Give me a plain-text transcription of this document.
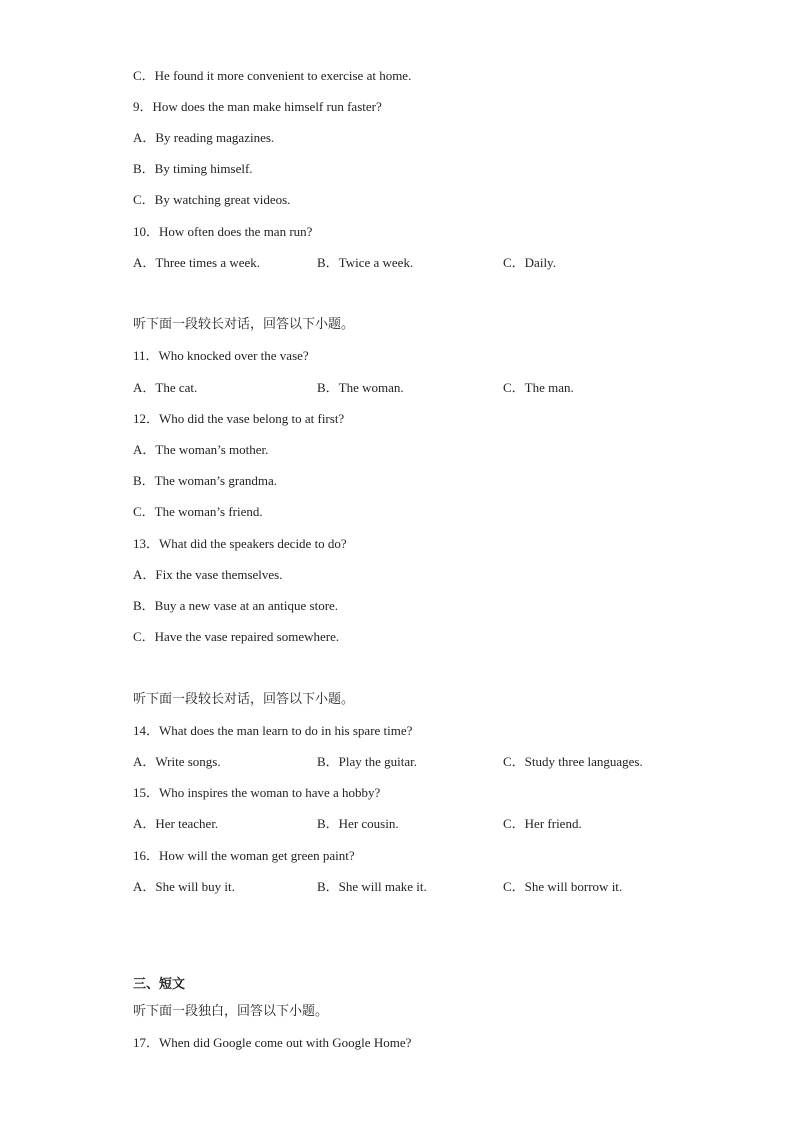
C．He found it more convenient to exercise at home.
9．How does the man make himself run faster?
A．By reading magazines.
B．By timing himself.
C．By watching great videos.
10．How often does the man run?
A．Three times a week.	B．Twice a week.	C．Daily.
听下面一段较长对话，回答以下小题。
11．Who knocked over the vase?
A．The cat.	B．The woman.	C．The man.
12．Who did the vase belong to at first?
A．The woman’s mother.
B．The woman’s grandma.
C．The woman’s friend.
13．What did the speakers decide to do?
A．Fix the vase themselves.
B．Buy a new vase at an antique store.
C．Have the vase repaired somewhere.
听下面一段较长对话，回答以下小题。
14．What does the man learn to do in his spare time?
A．Write songs.	B．Play the guitar.	C．Study three languages.
15．Who inspires the woman to have a hobby?
A．Her teacher.	B．Her cousin.	C．Her friend.
16．How will the woman get green paint?
A．She will buy it.	B．She will make it.	C．She will borrow it.
三、短文
听下面一段独白，回答以下小题。
17．When did Google come out with Google Home?
